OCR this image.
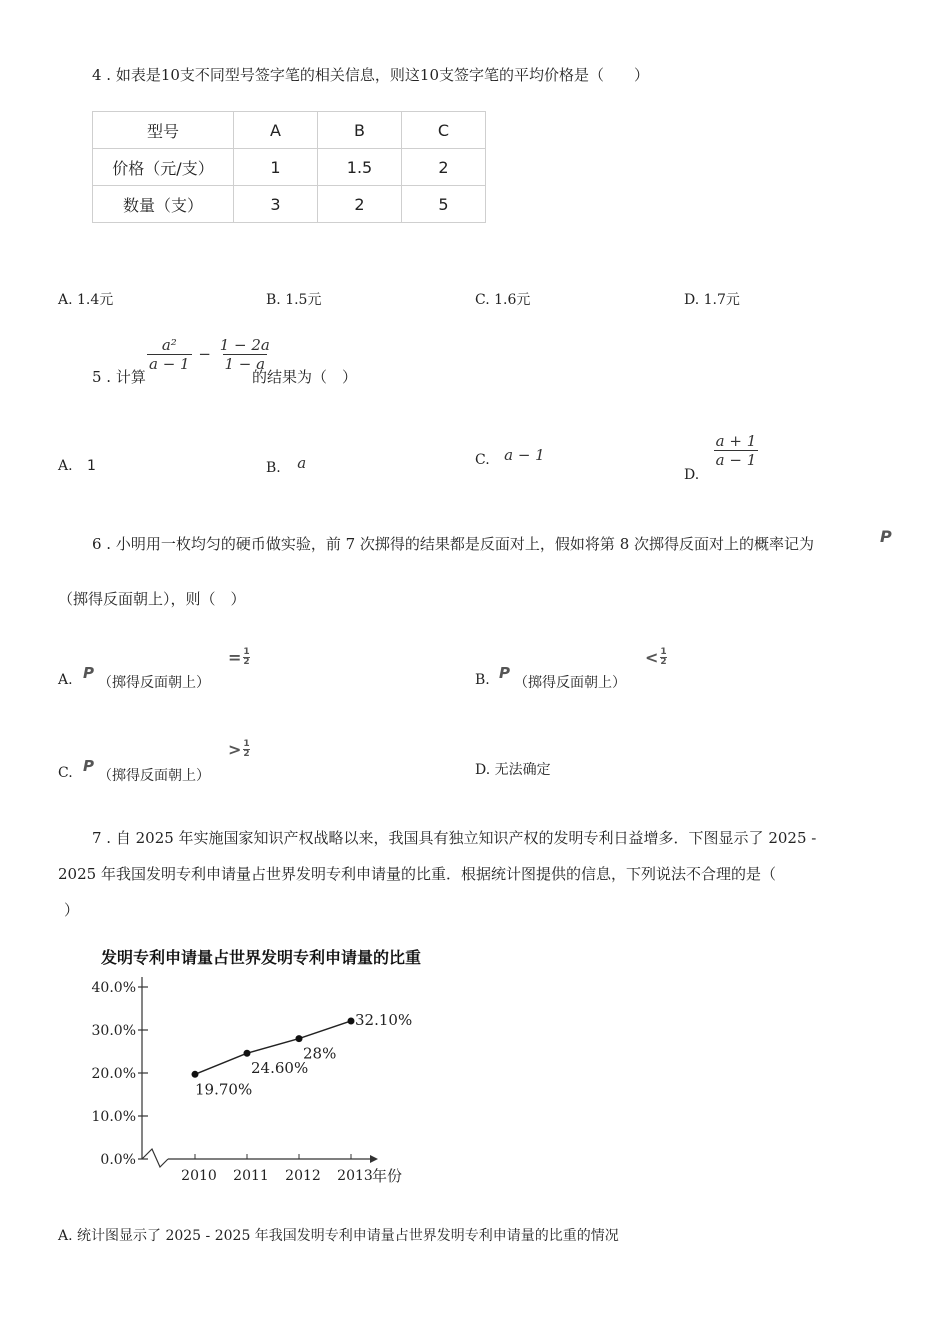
4 . 如表是10支不同型号签字笔的相关信息，则这10支签字笔的平均价格是（　　）
型号	A	B	C
价格（元/支）	1	1.5	2
数量（支）	3	2	5
A. 1.4元	B. 1.5元	C. 1.6元	D. 1.7元
5 . 计算
$\frac{\text{a²}}{a - 1} - \frac{1 - 2a}{1 - a}$
的结果为（　）
A. 1	B. a	C. a − 1
D.
$\frac{a + 1}{a - 1}$
6 . 小明用一枚均匀的硬币做实验，前 7 次掷得的结果都是反面对上，假如将第 8 次掷得反面对上的概率记为	P
（掷得反面朝上），则（　）
A. P
（掷得反面朝上）
= $\frac{1}{2}$
B. P
（掷得反面朝上）
< $\frac{1}{2}$
C. P
（掷得反面朝上）
> $\frac{1}{2}$
D. 无法确定
7 . 自 2025 年实施国家知识产权战略以来，我国具有独立知识产权的发明专利日益增多．下图显示了 2025 -
2025 年我国发明专利申请量占世界发明专利申请量的比重．根据统计图提供的信息，下列说法不合理的是（
）
发明专利申请量占世界发明专利申请量的比重
0.0%
10.0%
20.0%
30.0%
40.0%
2010 2011 2012 2013
19.70%
24.60%
28%
32.10%
年份
A. 统计图显示了 2025 - 2025 年我国发明专利申请量占世界发明专利申请量的比重的情况
